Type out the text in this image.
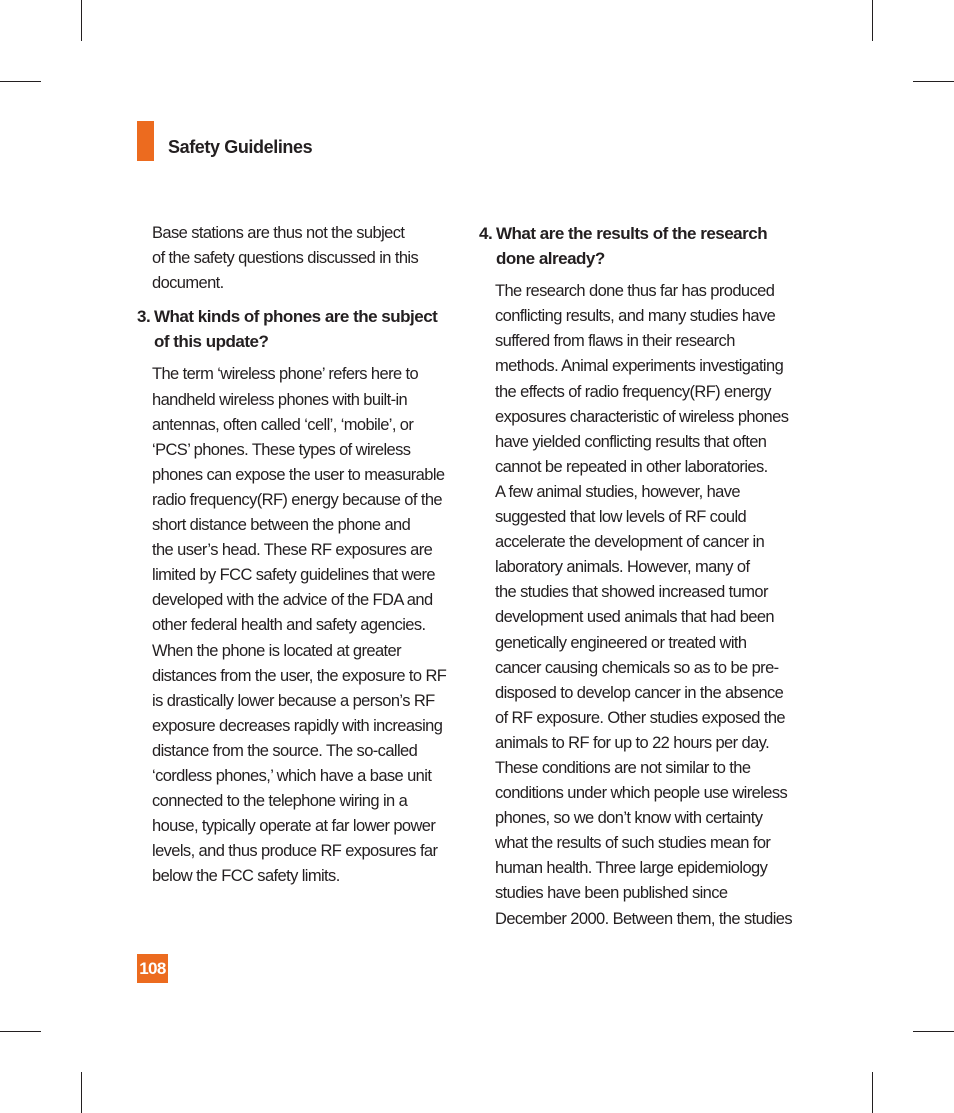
Safety Guidelines
Base stations are thus not the subject
of the safety questions discussed in this
document.
3. What kinds of phones are the subject
of this update?
The term ‘wireless phone’ refers here to
handheld wireless phones with built-in
antennas, often called ‘cell’, ‘mobile’, or
‘PCS’ phones. These types of wireless
phones can expose the user to measurable
radio frequency(RF) energy because of the
short distance between the phone and
the user’s head. These RF exposures are
limited by FCC safety guidelines that were
developed with the advice of the FDA and
other federal health and safety agencies.
When the phone is located at greater
distances from the user, the exposure to RF
is drastically lower because a person’s RF
exposure decreases rapidly with increasing
distance from the source. The so-called
‘cordless phones,’ which have a base unit
connected to the telephone wiring in a
house, typically operate at far lower power
levels, and thus produce RF exposures far
below the FCC safety limits.
4. What are the results of the research
done already?
The research done thus far has produced
conflicting results, and many studies have
suffered from flaws in their research
methods. Animal experiments investigating
the effects of radio frequency(RF) energy
exposures characteristic of wireless phones
have yielded conflicting results that often
cannot be repeated in other laboratories.
A few animal studies, however, have
suggested that low levels of RF could
accelerate the development of cancer in
laboratory animals. However, many of
the studies that showed increased tumor
development used animals that had been
genetically engineered or treated with
cancer causing chemicals so as to be pre-
disposed to develop cancer in the absence
of RF exposure. Other studies exposed the
animals to RF for up to 22 hours per day.
These conditions are not similar to the
conditions under which people use wireless
phones, so we don’t know with certainty
what the results of such studies mean for
human health. Three large epidemiology
studies have been published since
December 2000. Between them, the studies
108
